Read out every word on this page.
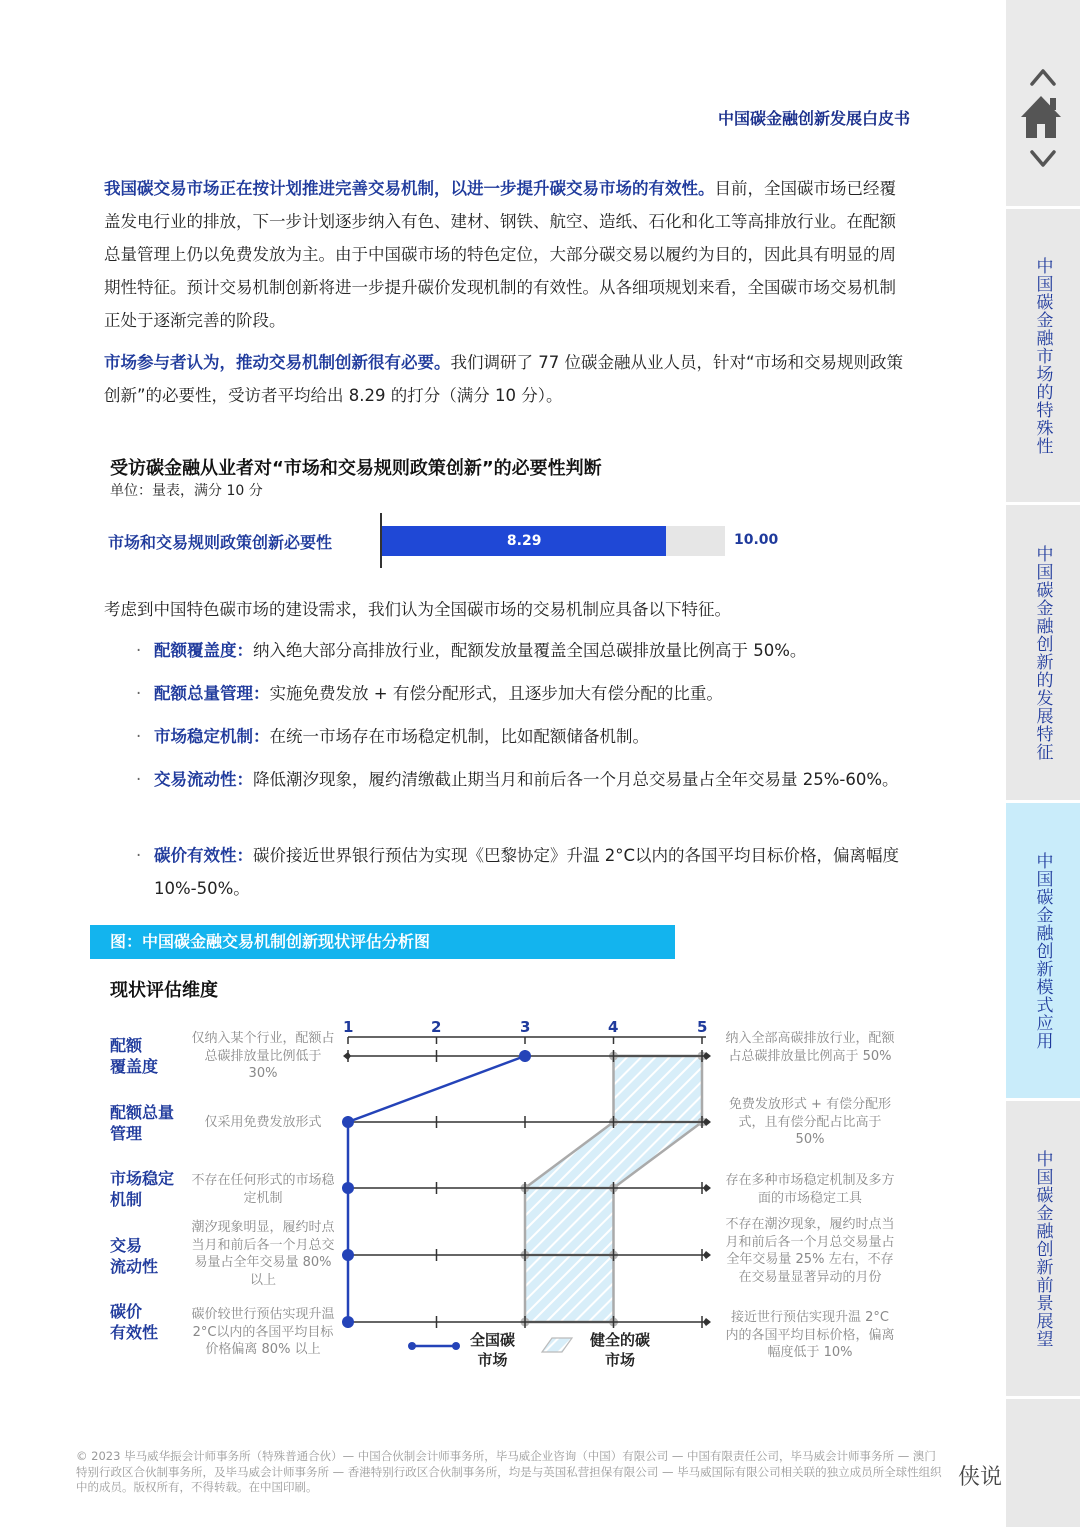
中国碳金融创新发展白皮书
我国碳交易市场正在按计划推进完善交易机制，以进一步提升碳交易市场的有效性。目前，全国碳市场已经覆盖发电行业的排放，下一步计划逐步纳入有色、建材、钢铁、航空、造纸、石化和化工等高排放行业。在配额总量管理上仍以免费发放为主。由于中国碳市场的特色定位，大部分碳交易以履约为目的，因此具有明显的周期性特征。预计交易机制创新将进一步提升碳价发现机制的有效性。从各细项规划来看，全国碳市场交易机制正处于逐渐完善的阶段。
市场参与者认为，推动交易机制创新很有必要。我们调研了 77 位碳金融从业人员，针对“市场和交易规则政策创新”的必要性，受访者平均给出 8.29 的打分（满分 10 分）。
受访碳金融从业者对“市场和交易规则政策创新”的必要性判断
单位：量表，满分 10 分
市场和交易规则政策创新必要性	8.29	10.00
考虑到中国特色碳市场的建设需求，我们认为全国碳市场的交易机制应具备以下特征。
· 配额覆盖度：纳入绝大部分高排放行业，配额发放量覆盖全国总碳排放量比例高于 50%。
· 配额总量管理：实施免费发放 + 有偿分配形式，且逐步加大有偿分配的比重。
· 市场稳定机制：在统一市场存在市场稳定机制，比如配额储备机制。
· 交易流动性：降低潮汐现象，履约清缴截止期当月和前后各一个月总交易量占全年交易量 25%-60%。
· 碳价有效性：碳价接近世界银行预估为实现《巴黎协定》升温 2°C以内的各国平均目标价格，偏离幅度 10%-50%。
图：中国碳金融交易机制创新现状评估分析图
现状评估维度
1	2	3	4	5
配额
覆盖度
配额总量
管理
市场稳定
机制
交易
流动性
碳价
有效性
仅纳入某个行业，配额占总碳排放量比例低于 30%
仅采用免费发放形式
不存在任何形式的市场稳定机制
潮汐现象明显，履约时点当月和前后各一个月总交易量占全年交易量 80% 以上
碳价较世行预估实现升温 2°C以内的各国平均目标价格偏离 80% 以上
纳入全部高碳排放行业，配额占总碳排放量比例高于 50%
免费发放形式 + 有偿分配形式，且有偿分配占比高于 50%
存在多种市场稳定机制及多方面的市场稳定工具
不存在潮汐现象，履约时点当月和前后各一个月总交易量占全年交易量 25% 左右，不存在交易量显著异动的月份
接近世行预估实现升温 2°C内的各国平均目标价格，偏离幅度低于 10%
全国碳
市场
健全的碳
市场
© 2023 毕马威华振会计师事务所（特殊普通合伙）— 中国合伙制会计师事务所，毕马威企业咨询（中国）有限公司 — 中国有限责任公司，毕马威会计师事务所 — 澳门特别行政区合伙制事务所，及毕马威会计师事务所 — 香港特别行政区合伙制事务所，均是与英国私营担保有限公司 — 毕马威国际有限公司相关联的独立成员所全球性组织中的成员。版权所有，不得转载。在中国印刷。	侠说
中国碳金融市场的特殊性
中国碳金融创新的发展特征
中国碳金融创新模式应用
中国碳金融创新前景展望
